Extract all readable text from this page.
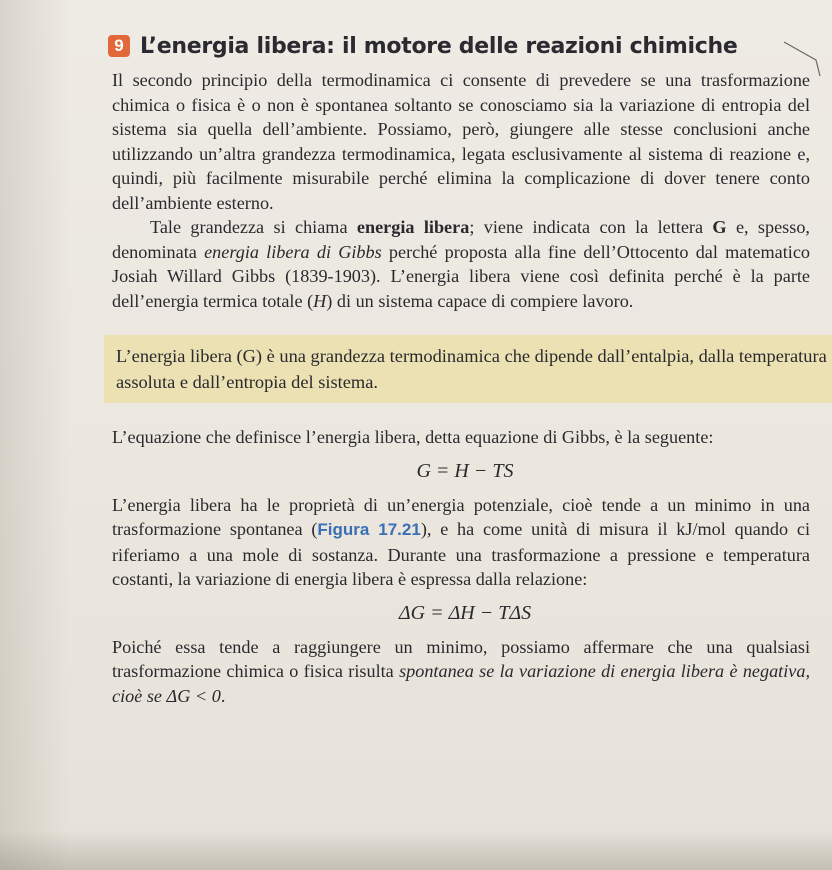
9 L’energia libera: il motore delle reazioni chimiche

Il secondo principio della termodinamica ci consente di prevedere se una trasformazione chimica o fisica è o non è spontanea soltanto se conosciamo sia la variazione di entropia del sistema sia quella dell’ambiente. Possiamo, però, giungere alle stesse conclusioni anche utilizzando un’altra grandezza termodinamica, legata esclusivamente al sistema di reazione e, quindi, più facilmente misurabile perché elimina la complicazione di dover tenere conto dell’ambiente esterno.

Tale grandezza si chiama energia libera; viene indicata con la lettera G e, spesso, denominata energia libera di Gibbs perché proposta alla fine dell’Ottocento dal matematico Josiah Willard Gibbs (1839-1903). L’energia libera viene così definita perché è la parte dell’energia termica totale (H) di un sistema capace di compiere lavoro.

L’energia libera (G) è una grandezza termodinamica che dipende dall’entalpia, dalla temperatura assoluta e dall’entropia del sistema.

L’equazione che definisce l’energia libera, detta equazione di Gibbs, è la seguente:

G = H − TS

L’energia libera ha le proprietà di un’energia potenziale, cioè tende a un minimo in una trasformazione spontanea (Figura 17.21), e ha come unità di misura il kJ/mol quando ci riferiamo a una mole di sostanza. Durante una trasformazione a pressione e temperatura costanti, la variazione di energia libera è espressa dalla relazione:

ΔG = ΔH − TΔS

Poiché essa tende a raggiungere un minimo, possiamo affermare che una qualsiasi trasformazione chimica o fisica risulta spontanea se la variazione di energia libera è negativa, cioè se ΔG < 0.
